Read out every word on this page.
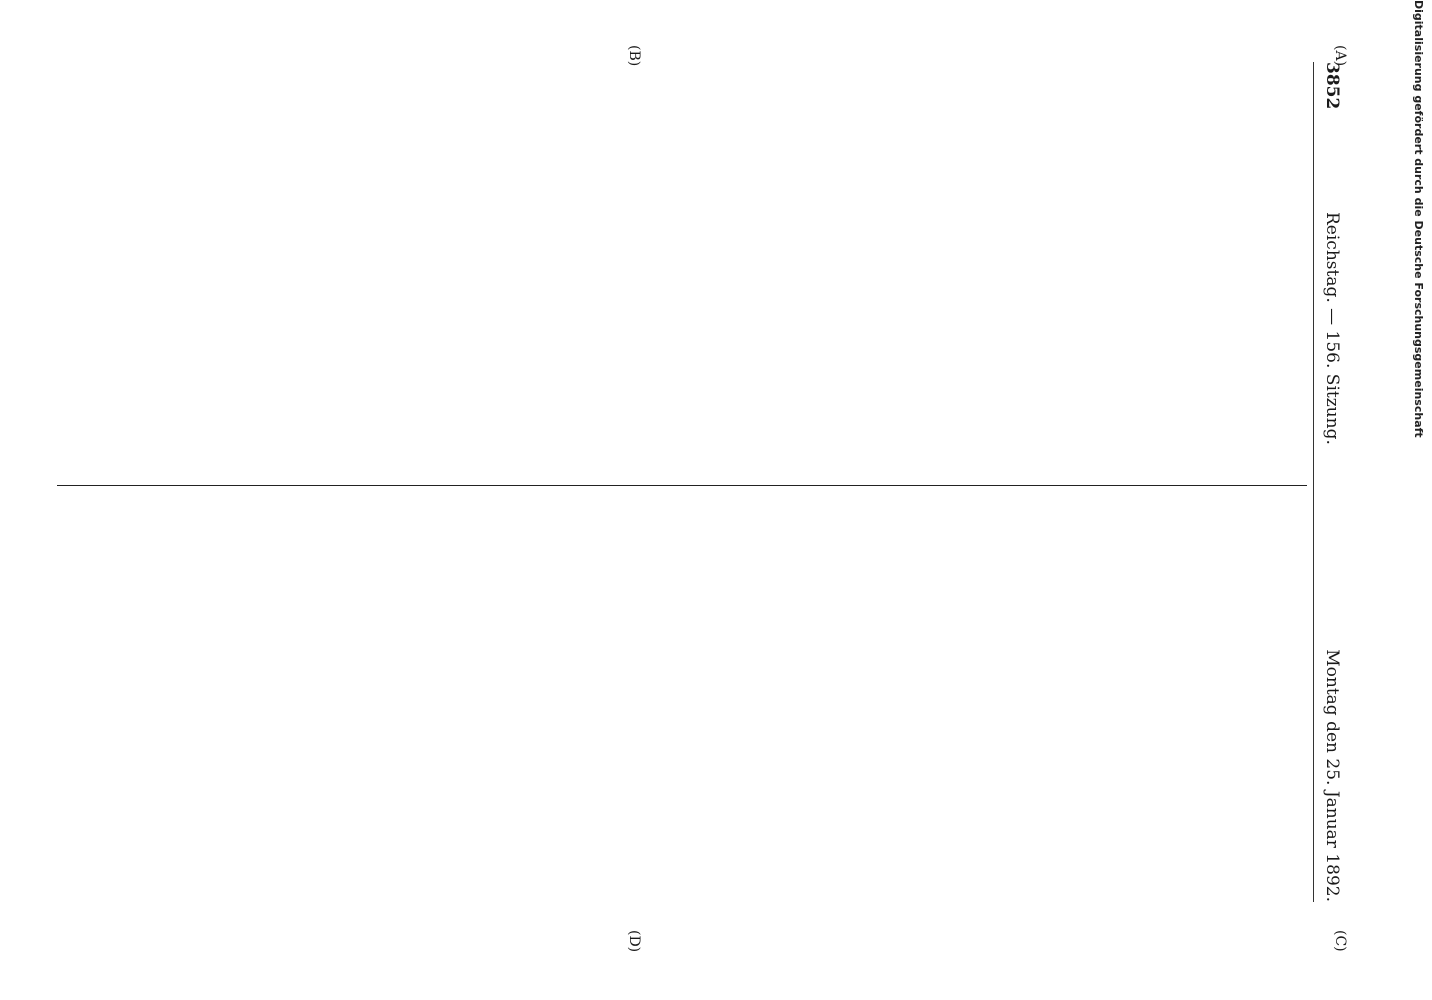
3852
Reichstag. — 156. Sitzung.
Montag den 25. Januar 1892.
(A)
(B)
(C)
(D)
Digitalisierung gefördert durch die Deutsche Forschungsgemeinschaft
